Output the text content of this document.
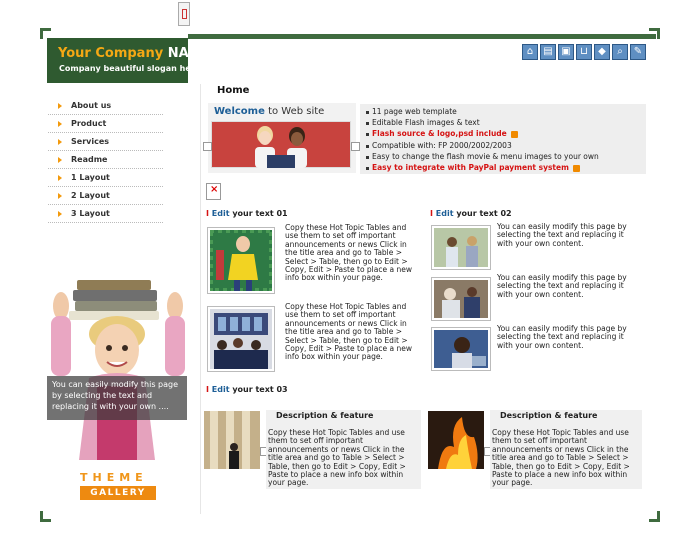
Your Company NAME
Company beautiful slogan here
⌂	▤ ▣ ⊔	◆	⌕	✎
About us
Product
Services
Readme
1 Layout
2 Layout
3 Layout
You can easily modify this page by selecting the text and replacing it with your own ....
THEME
GALLERY
Home
Welcome to Web site	11 page web template
Editable Flash images & text
Flash source & logo,psd include
Compatible with: FP 2000/2002/2003
Easy to change the flash movie & menu images to your own
Easy to integrate with PayPal payment system
×
I Edit your text 01
Copy these Hot Topic Tables and use them to set off important announcements or news Click in the title area and go to Table > Select > Table, then go to Edit > Copy, Edit > Paste to place a new info box within your page.
Copy these Hot Topic Tables and use them to set off important announcements or news Click in the title area and go to Table > Select > Table, then go to Edit > Copy, Edit > Paste to place a new info box within your page.
I Edit your text 02
You can easily modify this page by selecting the text and replacing it with your own content.
You can easily modify this page by selecting the text and replacing it with your own content.
You can easily modify this page by selecting the text and replacing it with your own content.
I Edit your text 03
Description & feature
Copy these Hot Topic Tables and use them to set off important announcements or news Click in the title area and go to Table > Select > Table, then go to Edit > Copy, Edit > Paste to place a new info box within your page.
Description & feature
Copy these Hot Topic Tables and use them to set off important announcements or news Click in the title area and go to Table > Select > Table, then go to Edit > Copy, Edit > Paste to place a new info box within your page.
